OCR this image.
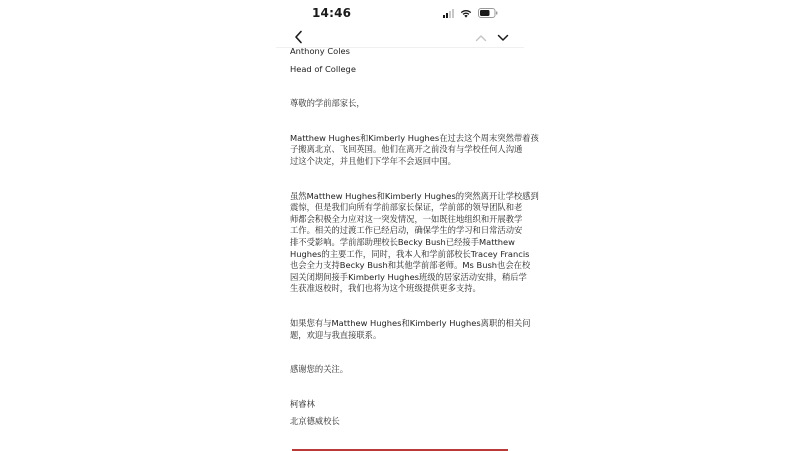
14:46
Anthony Coles
Head of College
尊敬的学前部家长，
Matthew Hughes和Kimberly Hughes在过去这个周末突然带着孩
子搬离北京、飞回英国。他们在离开之前没有与学校任何人沟通
过这个决定，并且他们下学年不会返回中国。
虽然Matthew Hughes和Kimberly Hughes的突然离开让学校感到
震惊，但是我们向所有学前部家长保证，学前部的领导团队和老
师都会积极全力应对这一突发情况，一如既往地组织和开展教学
工作。相关的过渡工作已经启动，确保学生的学习和日常活动安
排不受影响。学前部助理校长Becky Bush已经接手Matthew
Hughes的主要工作，同时，我本人和学前部校长Tracey Francis
也会全力支持Becky Bush和其他学前部老师。Ms Bush也会在校
园关闭期间接手Kimberly Hughes班级的居家活动安排，稍后学
生获准返校时，我们也将为这个班级提供更多支持。
如果您有与Matthew Hughes和Kimberly Hughes离职的相关问
题，欢迎与我直接联系。
感谢您的关注。
柯睿林
北京德威校长
